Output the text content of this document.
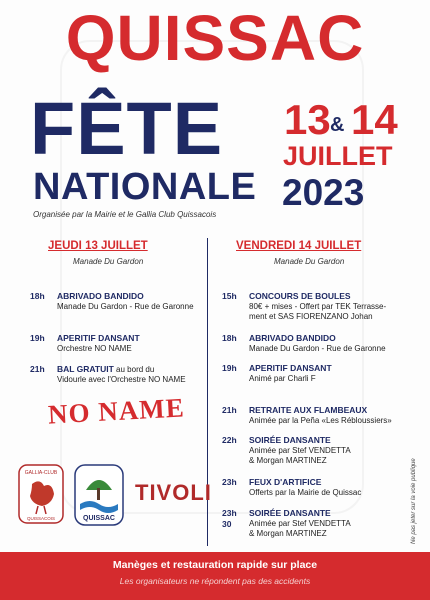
QUISSAC
FÊTE
NATIONALE
Organisée par la Mairie et le Gallia Club Quissacois
13 & 14
JUILLET
2023
JEUDI 13 JUILLET
Manade Du Gardon
18h ABRIVADO BANDIDO
Manade Du Gardon - Rue de Garonne
19h APERITIF DANSANT
Orchestre NO NAME
21h BAL GRATUIT au bord du
Vidourle avec l'Orchestre NO NAME
NO NAME
VENDREDI 14 JUILLET
Manade Du Gardon
15h CONCOURS DE BOULES
80€ + mises - Offert par TEK Terrasse-
ment et SAS FIORENZANO Johan
18h ABRIVADO BANDIDO
Manade Du Gardon - Rue de Garonne
19h APERITIF DANSANT
Animé par Charli F
21h RETRAITE AUX FLAMBEAUX
Animée par la Peña «Les Rébloussiers»
22h SOIRÉE DANSANTE
Animée par Stef VENDETTA
& Morgan MARTINEZ
23h FEUX D'ARTIFICE
Offerts par la Mairie de Quissac
23h
30
SOIRÉE DANSANTE
Animée par Stef VENDETTA
& Morgan MARTINEZ
GALLIA-CLUB
QUISSACOIS	QUISSAC
TIVOLI	Ne pas jeter sur la voie publique
Manèges et restauration rapide sur place
Les organisateurs ne répondent pas des accidents
